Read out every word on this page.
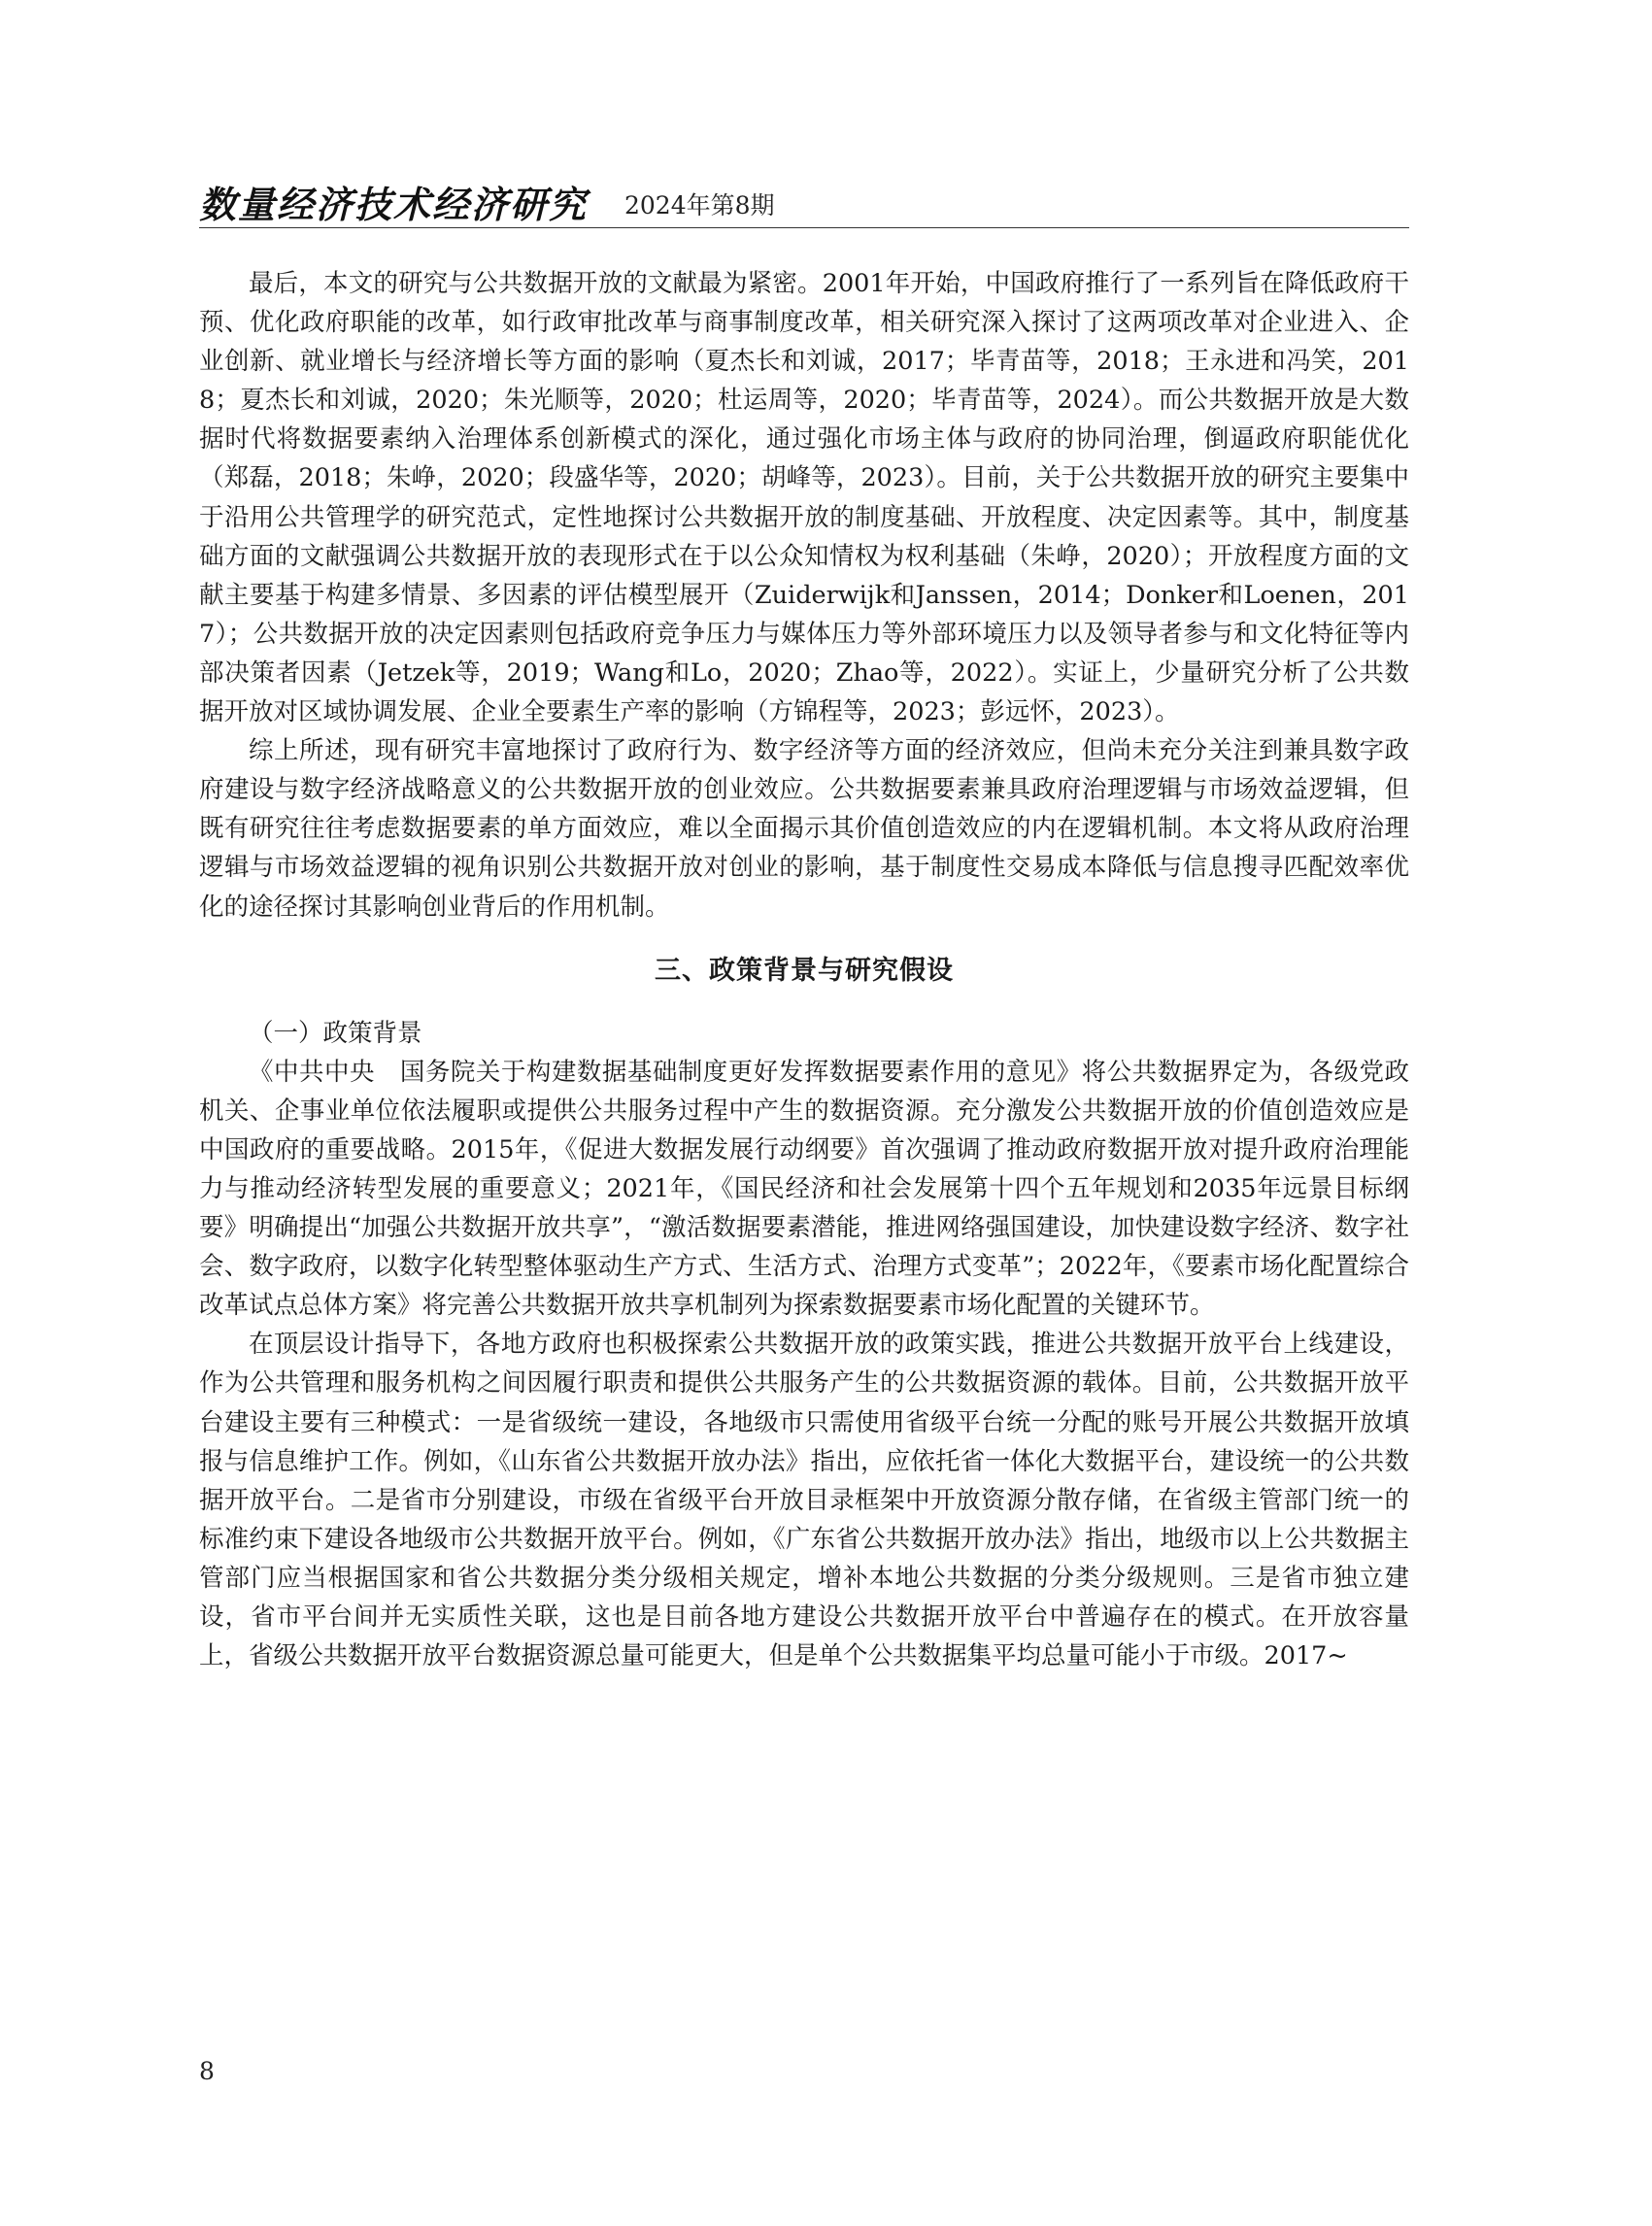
数量经济技术经济研究 2024年第8期

最后，本文的研究与公共数据开放的文献最为紧密。2001年开始，中国政府推行了一系列旨在降低政府干预、优化政府职能的改革，如行政审批改革与商事制度改革，相关研究深入探讨了这两项改革对企业进入、企业创新、就业增长与经济增长等方面的影响（夏杰长和刘诚，2017；毕青苗等，2018；王永进和冯笑，2018；夏杰长和刘诚，2020；朱光顺等，2020；杜运周等，2020；毕青苗等，2024）。而公共数据开放是大数据时代将数据要素纳入治理体系创新模式的深化，通过强化市场主体与政府的协同治理，倒逼政府职能优化（郑磊，2018；朱峥，2020；段盛华等，2020；胡峰等，2023）。目前，关于公共数据开放的研究主要集中于沿用公共管理学的研究范式，定性地探讨公共数据开放的制度基础、开放程度、决定因素等。其中，制度基础方面的文献强调公共数据开放的表现形式在于以公众知情权为权利基础（朱峥，2020）；开放程度方面的文献主要基于构建多情景、多因素的评估模型展开（Zuiderwijk和Janssen，2014；Donker和Loenen，2017）；公共数据开放的决定因素则包括政府竞争压力与媒体压力等外部环境压力以及领导者参与和文化特征等内部决策者因素（Jetzek等，2019；Wang和Lo，2020；Zhao等，2022）。实证上，少量研究分析了公共数据开放对区域协调发展、企业全要素生产率的影响（方锦程等，2023；彭远怀，2023）。

综上所述，现有研究丰富地探讨了政府行为、数字经济等方面的经济效应，但尚未充分关注到兼具数字政府建设与数字经济战略意义的公共数据开放的创业效应。公共数据要素兼具政府治理逻辑与市场效益逻辑，但既有研究往往考虑数据要素的单方面效应，难以全面揭示其价值创造效应的内在逻辑机制。本文将从政府治理逻辑与市场效益逻辑的视角识别公共数据开放对创业的影响，基于制度性交易成本降低与信息搜寻匹配效率优化的途径探讨其影响创业背后的作用机制。

三、政策背景与研究假设

（一）政策背景

《中共中央　国务院关于构建数据基础制度更好发挥数据要素作用的意见》将公共数据界定为，各级党政机关、企事业单位依法履职或提供公共服务过程中产生的数据资源。充分激发公共数据开放的价值创造效应是中国政府的重要战略。2015年，《促进大数据发展行动纲要》首次强调了推动政府数据开放对提升政府治理能力与推动经济转型发展的重要意义；2021年，《国民经济和社会发展第十四个五年规划和2035年远景目标纲要》明确提出“加强公共数据开放共享”，“激活数据要素潜能，推进网络强国建设，加快建设数字经济、数字社会、数字政府，以数字化转型整体驱动生产方式、生活方式、治理方式变革”；2022年，《要素市场化配置综合改革试点总体方案》将完善公共数据开放共享机制列为探索数据要素市场化配置的关键环节。

在顶层设计指导下，各地方政府也积极探索公共数据开放的政策实践，推进公共数据开放平台上线建设，作为公共管理和服务机构之间因履行职责和提供公共服务产生的公共数据资源的载体。目前，公共数据开放平台建设主要有三种模式：一是省级统一建设，各地级市只需使用省级平台统一分配的账号开展公共数据开放填报与信息维护工作。例如，《山东省公共数据开放办法》指出，应依托省一体化大数据平台，建设统一的公共数据开放平台。二是省市分别建设，市级在省级平台开放目录框架中开放资源分散存储，在省级主管部门统一的标准约束下建设各地级市公共数据开放平台。例如，《广东省公共数据开放办法》指出，地级市以上公共数据主管部门应当根据国家和省公共数据分类分级相关规定，增补本地公共数据的分类分级规则。三是省市独立建设，省市平台间并无实质性关联，这也是目前各地方建设公共数据开放平台中普遍存在的模式。在开放容量上，省级公共数据开放平台数据资源总量可能更大，但是单个公共数据集平均总量可能小于市级。2017~

8
